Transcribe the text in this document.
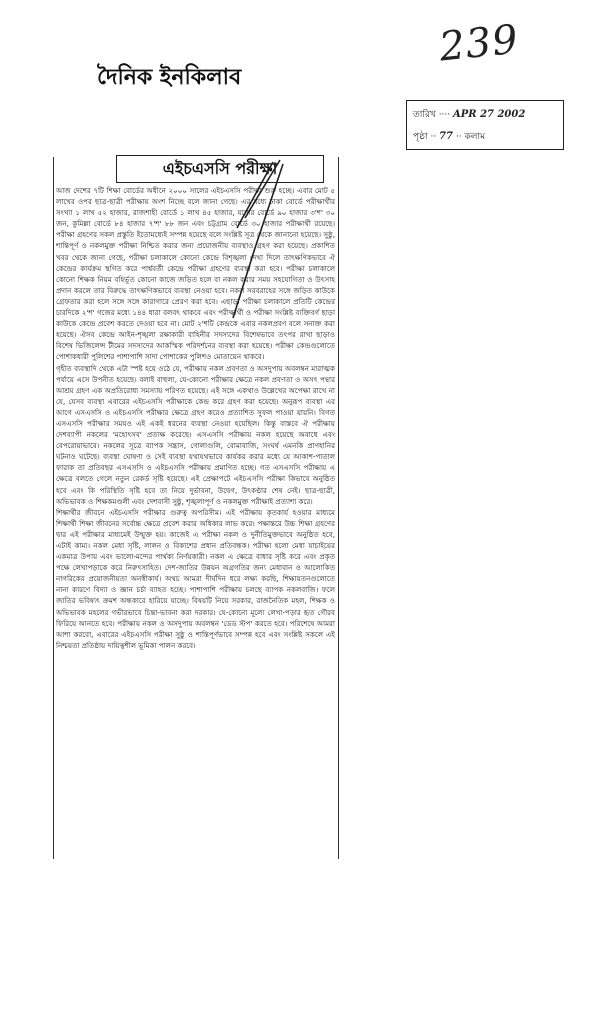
239
দৈনিক ইনকিলাব
তারিখ ···· APR 27 2002
পৃষ্ঠা ·· 77 ·· কলাম
এইচএসসি পরীক্ষা

আজ দেশের ৭টি শিক্ষা বোর্ডের অধীনে ২০০০ সালের এইচএসসি পরীক্ষা শুরু হচ্ছে। এবার মোট ৫ লাখের ওপর ছাত্র-ছাত্রী পরীক্ষায় অংশ নিচ্ছে বলে জানা গেছে। এর মধ্যে ঢাকা বোর্ডে পরীক্ষার্থীর সংখ্যা ১ লাখ ৫২ হাজার, রাজশাহী বোর্ডে ১ লাখ ৪৫ হাজার, যশোর বোর্ডে ৯০ হাজার ৩'শ' ৩০ জন, কুমিল্লা বোর্ডে ৮৪ হাজার ৭'শ' ৮৮ জন এবং চট্টগ্রাম বোর্ডে ৩০ হাজার পরীক্ষার্থী রয়েছে। পরীক্ষা গ্রহণের সকল প্রস্তুতি ইতোমধ্যেই সম্পন্ন হয়েছে বলে সংশ্লিষ্ট সূত্র থেকে জানানো হয়েছে। সুষ্ঠু, শান্তিপূর্ণ ও নকলমুক্ত পরীক্ষা নিশ্চিত করার জন্য প্রয়োজনীয় ব্যবস্থাও গ্রহণ করা হয়েছে। প্রকাশিত খবর থেকে জানা গেছে, পরীক্ষা চলাকালে কোনো কেন্দ্রে বিশৃঙ্খলা দেখা দিলে তাৎক্ষণিকভাবে ঐ কেন্দ্রের কার্যক্রম স্থগিত করে পার্শ্ববর্তী কেন্দ্রে পরীক্ষা গ্রহণের ব্যবস্থা করা হবে। পরীক্ষা চলাকালে কোনো শিক্ষক নিয়ম বহির্ভূত কোনো কাজে জড়িত হলে বা নকল করার সময় সহযোগিতা ও উৎসাহ প্রদান করলে তার বিরুদ্ধে তাৎক্ষণিকভাবে ব্যবস্থা নেওয়া হবে। নকল সরবরাহের সঙ্গে জড়িত কাউকে গ্রেফতার করা হলে সঙ্গে সঙ্গে কারাগারে প্রেরণ করা হবে। এছাড়া পরীক্ষা চলাকালে প্রতিটি কেন্দ্রের চারদিকে ২'শ' গজের মধ্যে ১৪৪ ধারা বলবৎ থাকবে এবং পরীক্ষার্থী ও পরীক্ষা সংশ্লিষ্ট ব্যক্তিবর্গ ছাড়া কাউকে কেন্দ্রে প্রবেশ করতে দেওয়া হবে না। মোট ২'শটি কেন্দ্রকে এবার নকলপ্রবণ বলে সনাক্ত করা হয়েছে। ঐসব কেন্দ্রে আইন-শৃঙ্খলা রক্ষাকারী বাহিনীর সদস্যদের বিশেষভাবে তৎপর রাখা ছাড়াও বিশেষ ভিজিলেন্স টীমের সদস্যদের আকস্মিক পরিদর্শনের ব্যবস্থা করা হয়েছে। পরীক্ষা কেন্দ্রগুলোতে পোশাকধারী পুলিশের পাশাপাশি সাদা পোশাকের পুলিশও মোতায়েন থাকবে।

গৃহীত ব্যবস্থাদি থেকে এটা স্পষ্ট হয়ে ওঠে যে, পরীক্ষায় নকল প্রবণতা ও অসদুপায় অবলম্বন মারাত্মক পর্যায়ে এসে উপনীত হয়েছে। বলাই বাহুল্য, যে-কোনো পরীক্ষার ক্ষেত্রে নকল প্রবণতা ও অসৎ পন্থার আশ্রয় গ্রহণ এক অপ্রতিরোধ্য সমস্যায় পরিণত হয়েছে। এই সঙ্গে একথাও উল্লেখের অপেক্ষা রাখে না যে, যেসব ব্যবস্থা এবারের এইচএসসি পরীক্ষাকে কেন্দ্র করে গ্রহণ করা হয়েছে। অনুরূপ ব্যবস্থা এর আগে এসএসসি ও এইচএসসি পরীক্ষার ক্ষেত্রে গ্রহণ করেও প্রত্যাশিত সুফল পাওয়া যায়নি। বিগত এসএসসি পরীক্ষার সময়ও এই একই ধরনের ব্যবস্থা নেওয়া হয়েছিল। কিন্তু বাস্তবে ঐ পরীক্ষায় দেশব্যাপী নকলের 'মহোৎসব' প্রত্যক্ষ করেছে। এসএসসি পরীক্ষায় নকল হয়েছে অবাধে এবং বেপরোয়াভাবে। নকলের সূত্রে ব্যাপক সন্ত্রাস, গোলাগুলি, বোমাবাজি, সংঘর্ষ এমনকি প্রাণহানির ঘটনাও ঘটেছে। ব্যবস্থা ঘোষণা ও সেই ব্যবস্থা যথাযথভাবে কার্যকর করার মধ্যে যে আকাশ-পাতাল ফারাক তা প্রতিবছর এসএসসি ও এইচএসসি পরীক্ষায় প্রমাণিত হচ্ছে। গত এসএসসি পরীক্ষায় এ ক্ষেত্রে বলতে গেলে নতুন রেকর্ড সৃষ্টি হয়েছে। এই প্রেক্ষাপটে এইচএসসি পরীক্ষা কিভাবে অনুষ্ঠিত হবে এবং কি পরিস্থিতি সৃষ্টি হবে তা নিয়ে দুর্ভাবনা, উদ্বেগ, উৎকণ্ঠার শেষ নেই। ছাত্র-ছাত্রী, অভিভাবক ও শিক্ষকমণ্ডলী এবং দেশবাসী সুষ্ঠু, শৃঙ্খলাপূর্ণ ও নকলমুক্ত পরীক্ষাই প্রত্যাশা করে।

শিক্ষার্থীর জীবনে এইচএসসি পরীক্ষার গুরুত্ব অপরিসীম। এই পরীক্ষায় কৃতকার্য হওয়ার মাধ্যমে শিক্ষার্থী শিক্ষা জীবনের সর্বোচ্চ ক্ষেত্রে প্রবেশ করার অধিকার লাভ করে। পক্ষান্তরে উচ্চ শিক্ষা গ্রহণের দ্বার এই পরীক্ষার মাধ্যমেই উন্মুক্ত হয়। কাজেই এ পরীক্ষা নকল ও দুর্নীতিমুক্তভাবে অনুষ্ঠিত হবে, এটাই কাম্য। নকল মেধা সৃষ্টি, লালন ও বিকাশের প্রধান প্রতিবন্ধক। পরীক্ষা হলো মেধা যাচাইয়ের একমাত্র উপায় এবং ভালো-মন্দের পার্থক্য নির্ণয়কারী। নকল এ ক্ষেত্রে বাধার সৃষ্টি করে এবং প্রকৃত পক্ষে লেখাপড়াকে করে নিরুৎসাহিত। দেশ-জাতির উন্নয়ন অগ্রগতির জন্য মেধাবান ও আলোকিত নাগরিকের প্রয়োজনীয়তা অনস্বীকার্য। অথচ আমরা দীর্ঘদিন ধরে লক্ষ্য করছি, শিক্ষায়তনগুলোতে নানা কারণে বিদ্যা ও জ্ঞান চর্চা ব্যাহত হচ্ছে। পাশাপাশি পরীক্ষায় চলছে ব্যাপক নকলবাজি। ফলে জাতির ভবিষ্যৎ ক্রমশ অন্ধকারে হারিয়ে যাচ্ছে। বিষয়টি নিয়ে সরকার, রাজনৈতিক মহল, শিক্ষক ও অভিভাবক মহলের গভীরভাবে চিন্তা-ভাবনা করা দরকার। যে-কোনো মূল্যে লেখা-পড়ার হৃত গৌরব ফিরিয়ে আনতে হবে। পরীক্ষায় নকল ও অসদুপায় অবলম্বন 'ডেড স্টপ' করতে হবে। পরিশেষে আমরা আশা করবো, এবারের এইচএসসি পরীক্ষা সুষ্ঠু ও শান্তিপূর্ণভাবে সম্পন্ন হবে এবং সংশ্লিষ্ট সকলে এই নিশ্চয়তা প্রতিষ্ঠায় দায়িত্বশীল ভূমিকা পালন করবে।
